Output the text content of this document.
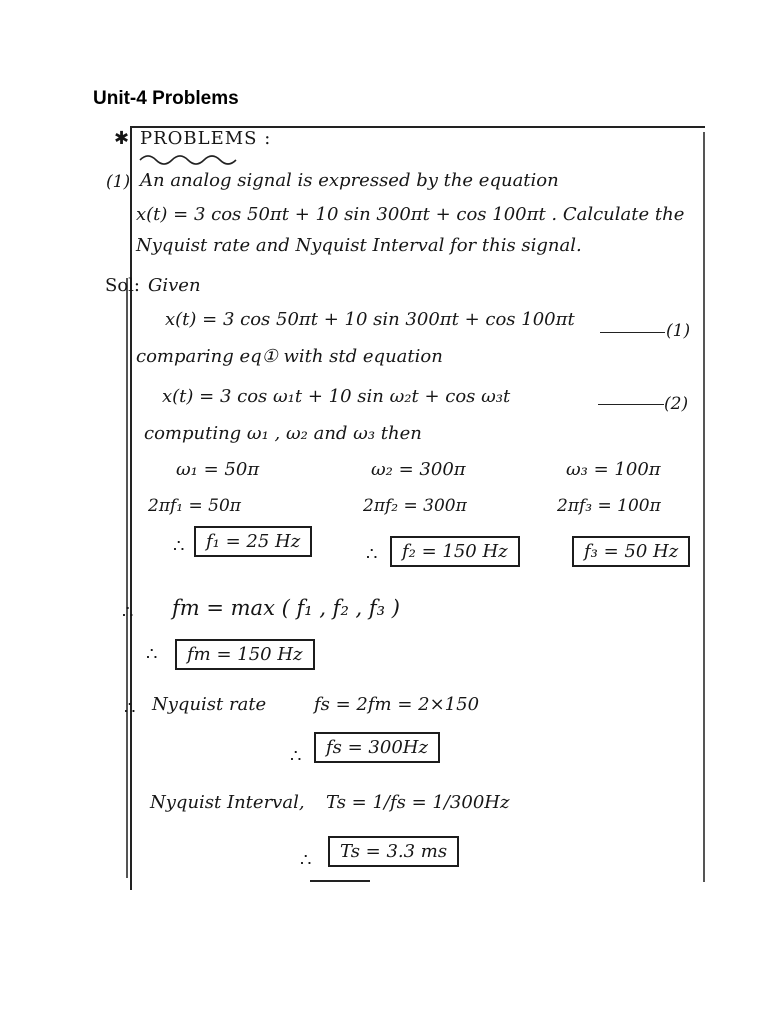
Unit-4 Problems
✱ PROBLEMS :
(1) An analog signal is expressed by the equation
x(t) = 3 cos 50πt + 10 sin 300πt + cos 100πt . Calculate the
Nyquist rate and Nyquist Interval for this signal.
Sol: Given
x(t) = 3 cos 50πt + 10 sin 300πt + cos 100πt
(1)
comparing eq① with std equation
x(t) = 3 cos ω₁t + 10 sin ω₂t + cos ω₃t	(2)
computing ω₁ , ω₂ and ω₃ then
ω₁ = 50π	ω₂ = 300π	ω₃ = 100π
2πf₁ = 50π	2πf₂ = 300π	2πf₃ = 100π
∴	f₁ = 25 Hz
∴	f₂ = 150 Hz	f₃ = 50 Hz
∴ fm = max ( f₁ , f₂ , f₃ )
∴	fm = 150 Hz
∴ Nyquist rate	fs = 2fm = 2×150
∴	fs = 300Hz
Nyquist Interval, Ts = 1/fs = 1/300Hz
∴	Ts = 3.3 ms
